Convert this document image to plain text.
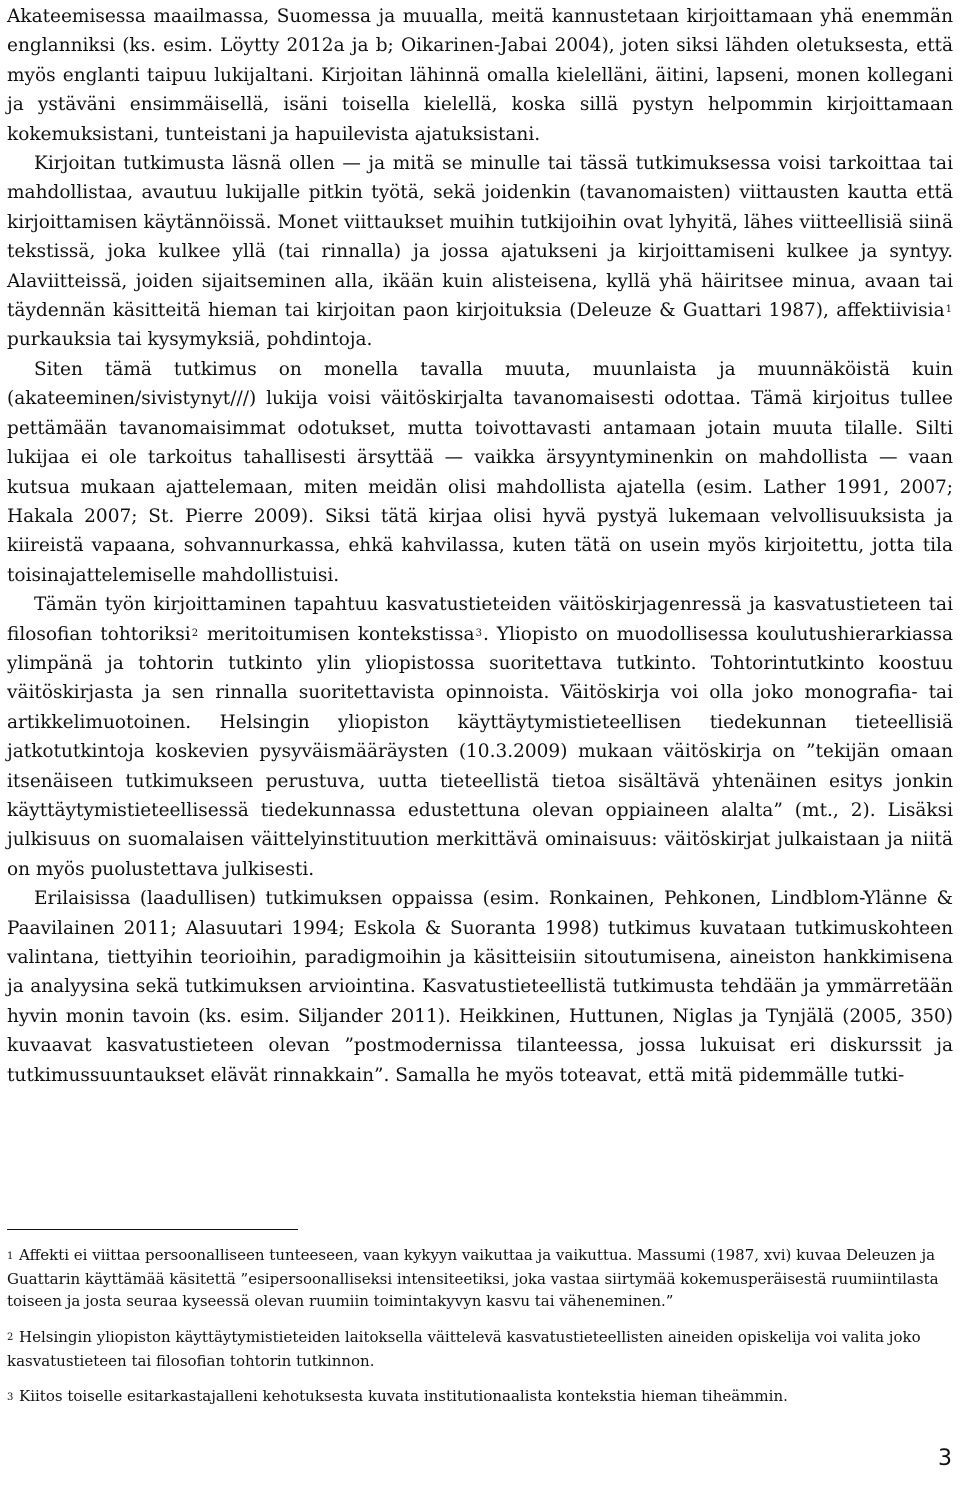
Akateemisessa maailmassa, Suomessa ja muualla, meitä kannustetaan kirjoittamaan yhä enemmän englanniksi (ks. esim. Löytty 2012a ja b; Oikarinen-Jabai 2004), joten siksi lähden oletuksesta, että myös englanti taipuu lukijaltani. Kirjoitan lähinnä omalla kielelläni, äitini, lapseni, monen kollegani ja ystäväni ensimmäisellä, isäni toisella kielellä, koska sillä pystyn helpommin kirjoittamaan kokemuksistani, tunteistani ja hapuilevista ajatuksistani.

Kirjoitan tutkimusta läsnä ollen — ja mitä se minulle tai tässä tutkimuksessa voisi tarkoittaa tai mahdollistaa, avautuu lukijalle pitkin työtä, sekä joidenkin (tavanomaisten) viittausten kautta että kirjoittamisen käytännöissä. Monet viittaukset muihin tutkijoihin ovat lyhyitä, lähes viitteellisiä siinä tekstissä, joka kulkee yllä (tai rinnalla) ja jossa ajatukseni ja kirjoittamiseni kulkee ja syntyy. Alaviitteissä, joiden sijaitseminen alla, ikään kuin alisteisena, kyllä yhä häiritsee minua, avaan tai täydennän käsitteitä hieman tai kirjoitan paon kirjoituksia (Deleuze & Guattari 1987), affektiivisia$^1$ purkauksia tai kysymyksiä, pohdintoja.

Siten tämä tutkimus on monella tavalla muuta, muunlaista ja muunnäköistä kuin (akateeminen/sivistynyt///) lukija voisi väitöskirjalta tavanomaisesti odottaa. Tämä kirjoitus tullee pettämään tavanomaisimmat odotukset, mutta toivottavasti antamaan jotain muuta tilalle. Silti lukijaa ei ole tarkoitus tahallisesti ärsyttää — vaikka ärsyyntyminenkin on mahdollista — vaan kutsua mukaan ajattelemaan, miten meidän olisi mahdollista ajatella (esim. Lather 1991, 2007; Hakala 2007; St. Pierre 2009). Siksi tätä kirjaa olisi hyvä pystyä lukemaan velvollisuuksista ja kiireistä vapaana, sohvannurkassa, ehkä kahvilassa, kuten tätä on usein myös kirjoitettu, jotta tila toisinajattelemiselle mahdollistuisi.

Tämän työn kirjoittaminen tapahtuu kasvatustieteiden väitöskirjagenressä ja kasvatustieteen tai filosofian tohtoriksi$^2$ meritoitumisen kontekstissa$^3$. Yliopisto on muodollisessa koulutushierarkiassa ylimpänä ja tohtorin tutkinto ylin yliopistossa suoritettava tutkinto. Tohtorintutkinto koostuu väitöskirjasta ja sen rinnalla suoritettavista opinnoista. Väitöskirja voi olla joko monografia- tai artikkelimuotoinen. Helsingin yliopiston käyttäytymistieteellisen tiedekunnan tieteellisiä jatkotutkintoja koskevien pysyväismääräysten (10.3.2009) mukaan väitöskirja on ”tekijän omaan itsenäiseen tutkimukseen perustuva, uutta tieteellistä tietoa sisältävä yhtenäinen esitys jonkin käyttäytymistieteellisessä tiedekunnassa edustettuna olevan oppiaineen alalta” (mt., 2). Lisäksi julkisuus on suomalaisen väittelyinstituution merkittävä ominaisuus: väitöskirjat julkaistaan ja niitä on myös puolustettava julkisesti.

Erilaisissa (laadullisen) tutkimuksen oppaissa (esim. Ronkainen, Pehkonen, Lindblom-Ylänne & Paavilainen 2011; Alasuutari 1994; Eskola & Suoranta 1998) tutkimus kuvataan tutkimuskohteen valintana, tiettyihin teorioihin, paradigmoihin ja käsitteisiin sitoutumisena, aineiston hankkimisena ja analyysina sekä tutkimuksen arviointina. Kasvatustieteellistä tutkimusta tehdään ja ymmärretään hyvin monin tavoin (ks. esim. Siljander 2011). Heikkinen, Huttunen, Niglas ja Tynjälä (2005, 350) kuvaavat kasvatustieteen olevan ”postmodernissa tilanteessa, jossa lukuisat eri diskurssit ja tutkimussuuntaukset elävät rinnakkain”. Samalla he myös toteavat, että mitä pidemmälle tutki-

1 Affekti ei viittaa persoonalliseen tunteeseen, vaan kykyyn vaikuttaa ja vaikuttua. Massumi (1987, xvi) kuvaa Deleuzen ja Guattarin käyttämää käsitettä ”esipersoonalliseksi intensiteetiksi, joka vastaa siirtymää kokemusperäisestä ruumiintilasta toiseen ja josta seuraa kyseessä olevan ruumiin toimintakyvyn kasvu tai väheneminen.”
2 Helsingin yliopiston käyttäytymistieteiden laitoksella väittelevä kasvatustieteellisten aineiden opiskelija voi valita joko kasvatustieteen tai filosofian tohtorin tutkinnon.
3 Kiitos toiselle esitarkastajalleni kehotuksesta kuvata institutionaalista kontekstia hieman tiheämmin.
3
